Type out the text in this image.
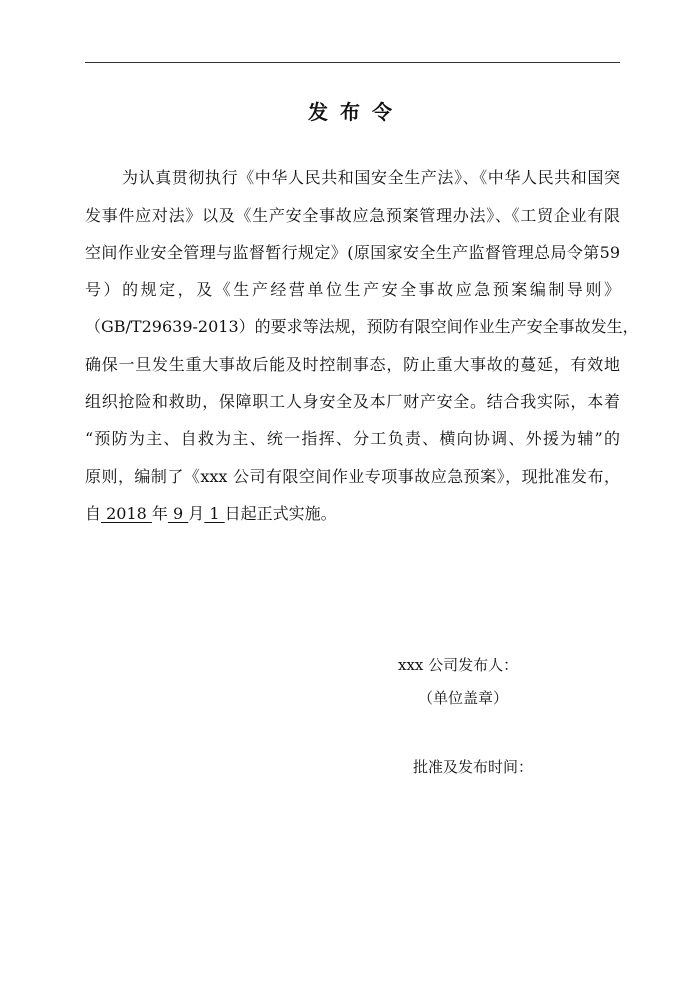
发布令
为认真贯彻执行《中华人民共和国安全生产法》、《中华人民共和国突
发事件应对法》以及《生产安全事故应急预案管理办法》、《工贸企业有限
空间作业安全管理与监督暂行规定》(原国家安全生产监督管理总局令第59
号）的规定，及《生产经营单位生产安全事故应急预案编制导则》
（GB/T29639-2013）的要求等法规，预防有限空间作业生产安全事故发生，
确保一旦发生重大事故后能及时控制事态，防止重大事故的蔓延，有效地
组织抢险和救助，保障职工人身安全及本厂财产安全。结合我实际，本着
“预防为主、自救为主、统一指挥、分工负责、横向协调、外援为辅”的
原则，编制了《xxx 公司有限空间作业专项事故应急预案》，现批准发布，
自 2018 年 9 月 1 日起正式实施。
xxx 公司发布人：
（单位盖章）
批准及发布时间：
